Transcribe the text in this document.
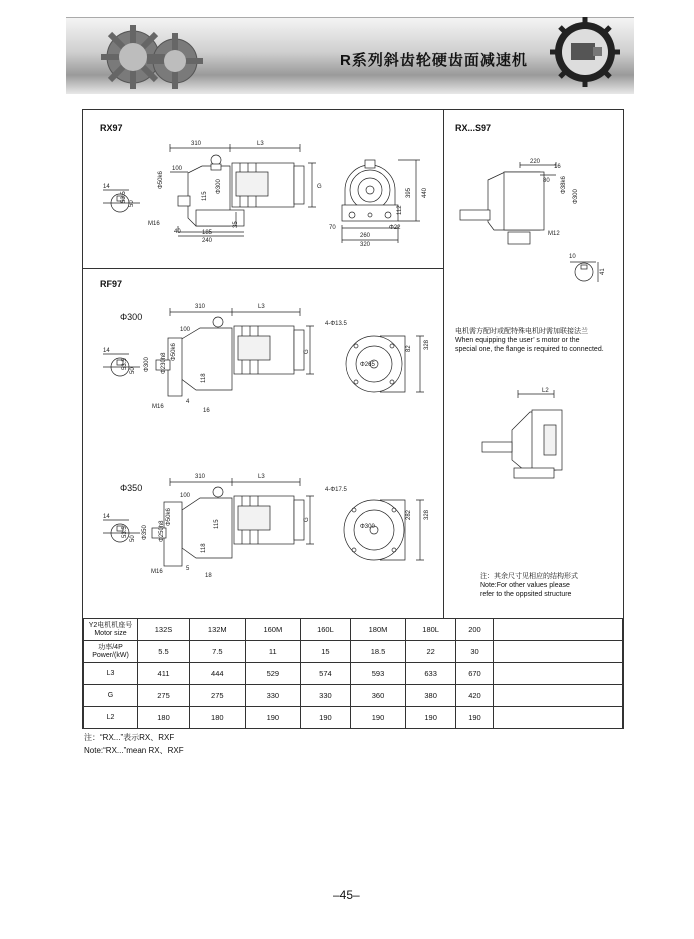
R系列斜齿轮硬齿面减速机
RX97	RX...S97
RF97
Φ300
Φ350
310	L3
100
G
14
53.5
50
115
M16
40	185
240
35
Φ50k6	Φ300	395 440
112
70	Φ22
260
320
220
80
16
Φ38k6
Φ300
M12
10
41
310	L3
100
G
14
53.5
50 Φ300 Φ230h8
Φ50k6
118
M16
4
16
4-Φ13.5
Φ265
82 328
310	L3
100
G
14
53.5
50 Φ350 Φ250h8
Φ50k6
118
115
M16	5
18
4-Φ17.5
Φ300
282 328
L2
电机需方配时或配特殊电机时需加联接法兰
When equipping the user’ s motor or the
special one, the flange is required to connected.
注：其余尺寸见相应的结构形式
Note:For other values please
refer to the oppsited structure
Y2电机机座号
Motor size	132S	132M	160M	160L	180M	180L	200	
功率/4P
Power/(kW)	5.5	7.5	11	15	18.5	22	30	
L3	411	444	529	574	593	633	670	
G	275	275	330	330	360	380	420	
L2	180	180	190	190	190	190	190	
注：“RX...”表示RX、RXF
Note:“RX...”mean RX、RXF
–45–
